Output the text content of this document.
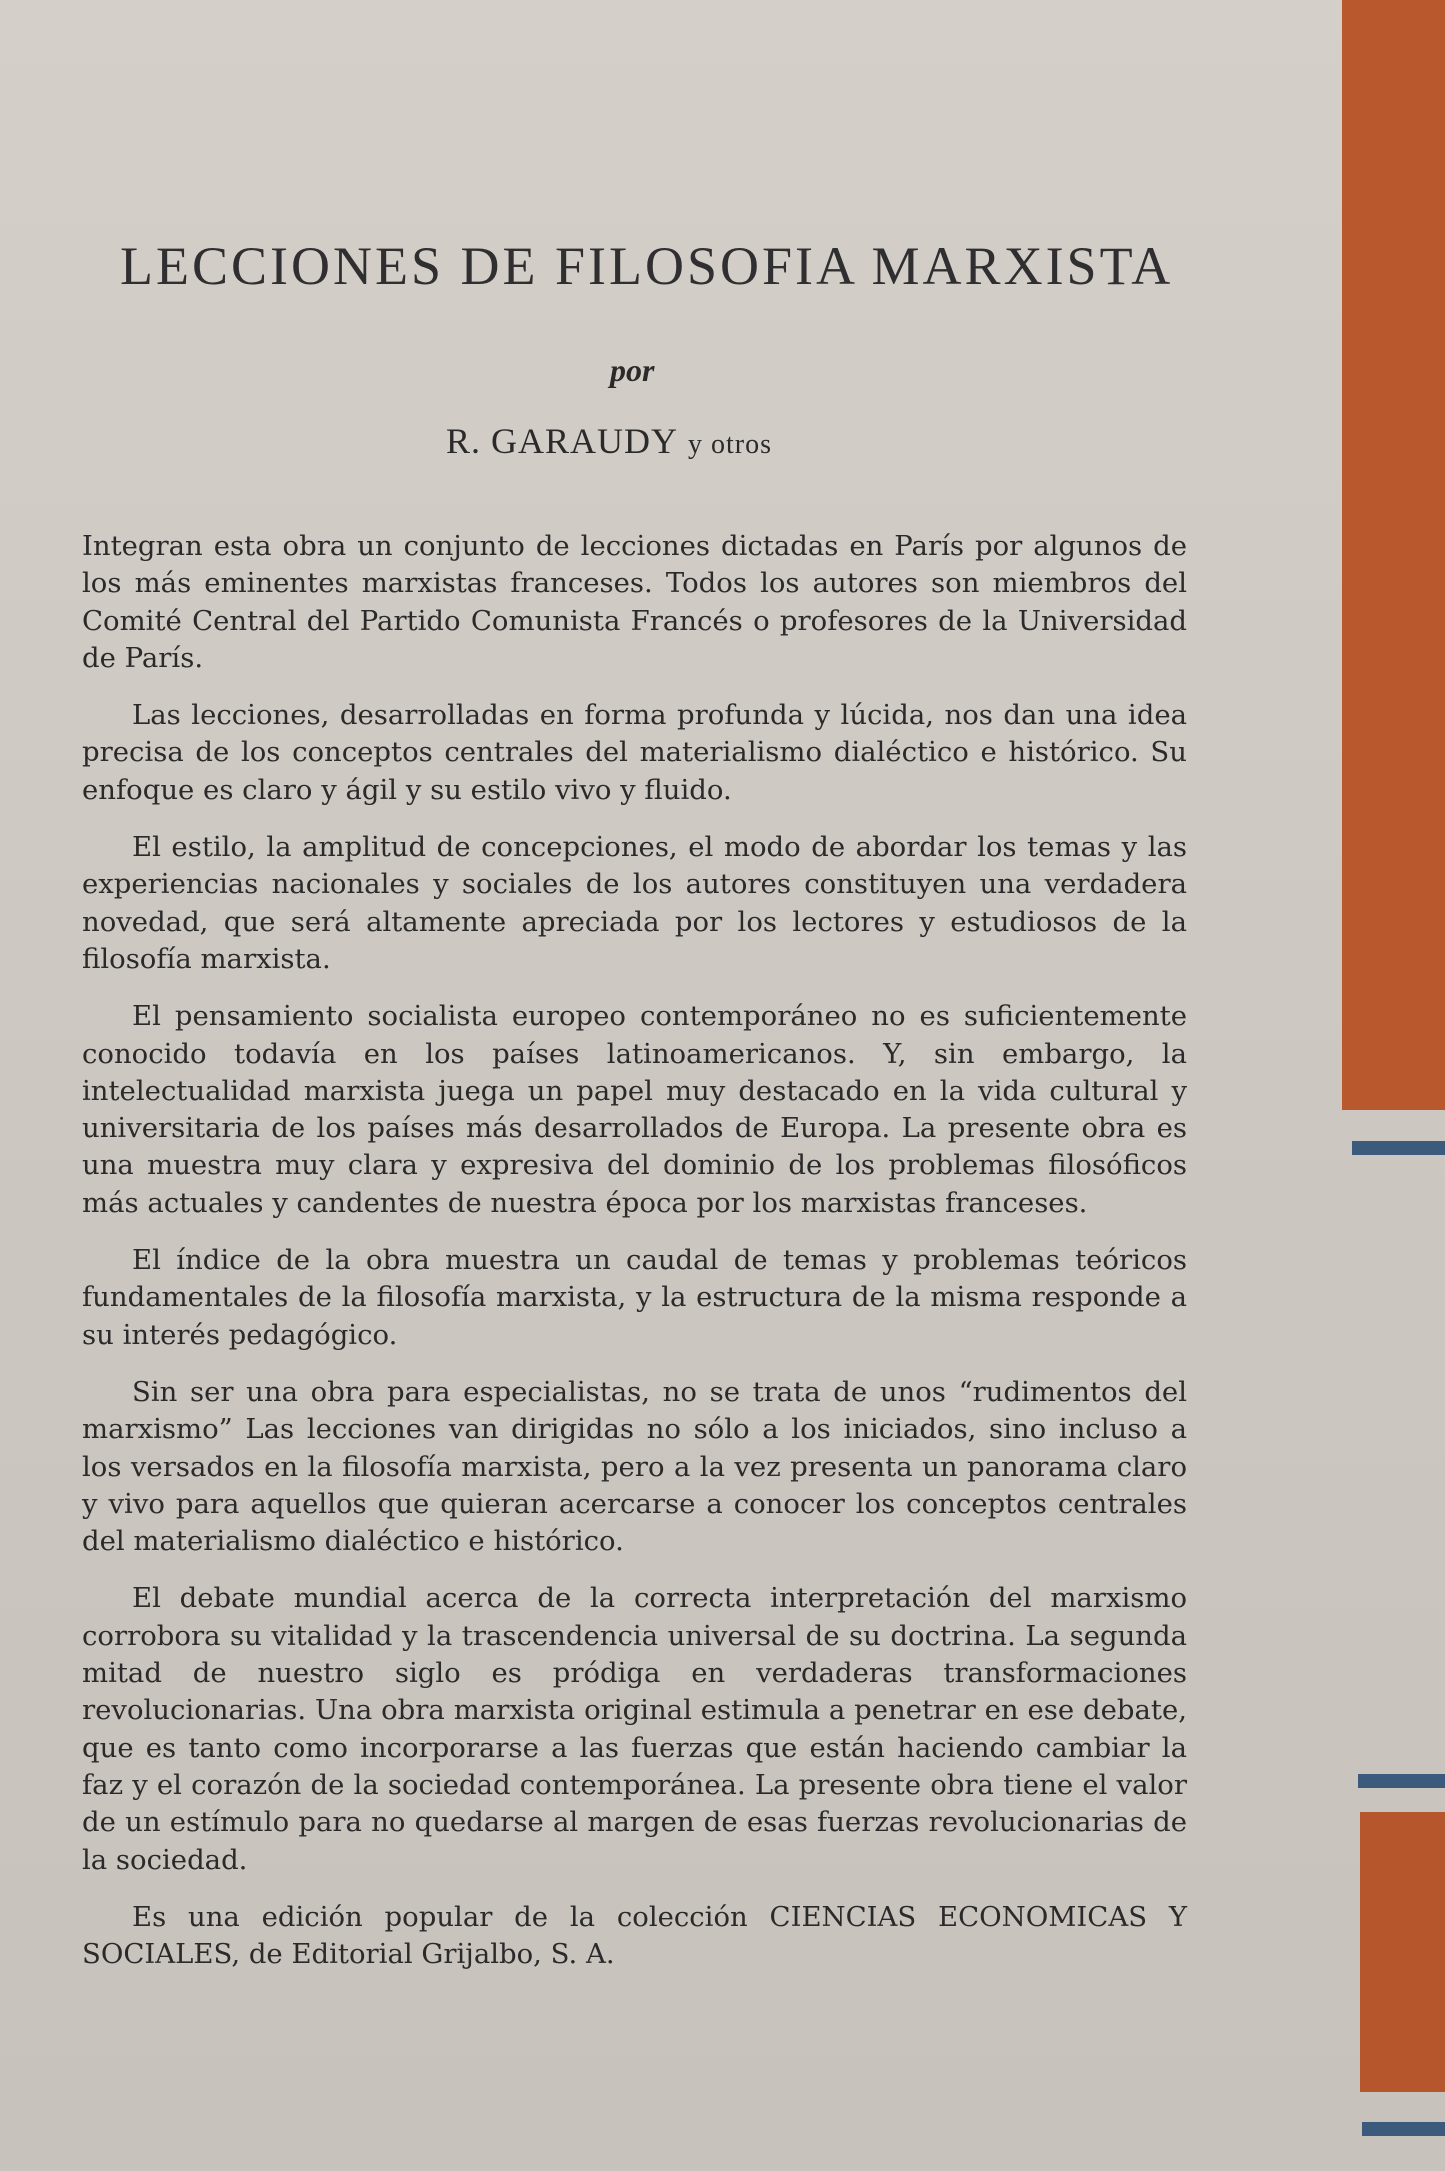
LECCIONES DE FILOSOFIA MARXISTA
por
R. GARAUDY y otros

Integran esta obra un conjunto de lecciones dictadas en París por algunos de los más eminentes marxistas franceses. Todos los autores son miembros del Comité Central del Partido Comunista Francés o profesores de la Universidad de París.

Las lecciones, desarrolladas en forma profunda y lúcida, nos dan una idea precisa de los conceptos centrales del materialismo dialéctico e histórico. Su enfoque es claro y ágil y su estilo vivo y fluido.

El estilo, la amplitud de concepciones, el modo de abordar los temas y las experiencias nacionales y sociales de los autores constituyen una verdadera novedad, que será altamente apreciada por los lectores y estudiosos de la filosofía marxista.

El pensamiento socialista europeo contemporáneo no es suficientemente conocido todavía en los países latinoamericanos. Y, sin embargo, la intelectualidad marxista juega un papel muy destacado en la vida cultural y universitaria de los países más desarrollados de Europa. La presente obra es una muestra muy clara y expresiva del dominio de los problemas filosóficos más actuales y candentes de nuestra época por los marxistas franceses.

El índice de la obra muestra un caudal de temas y problemas teóricos fundamentales de la filosofía marxista, y la estructura de la misma responde a su interés pedagógico.

Sin ser una obra para especialistas, no se trata de unos “rudimentos del marxismo” Las lecciones van dirigidas no sólo a los iniciados, sino incluso a los versados en la filosofía marxista, pero a la vez presenta un panorama claro y vivo para aquellos que quieran acercarse a conocer los conceptos centrales del materialismo dialéctico e histórico.

El debate mundial acerca de la correcta interpretación del marxismo corrobora su vitalidad y la trascendencia universal de su doctrina. La segunda mitad de nuestro siglo es pródiga en verdaderas transformaciones revolucionarias. Una obra marxista original estimula a penetrar en ese debate, que es tanto como incorporarse a las fuerzas que están haciendo cambiar la faz y el corazón de la sociedad contemporánea. La presente obra tiene el valor de un estímulo para no quedarse al margen de esas fuerzas revolucionarias de la sociedad.

Es una edición popular de la colección CIENCIAS ECONOMICAS Y SOCIALES, de Editorial Grijalbo, S. A.
